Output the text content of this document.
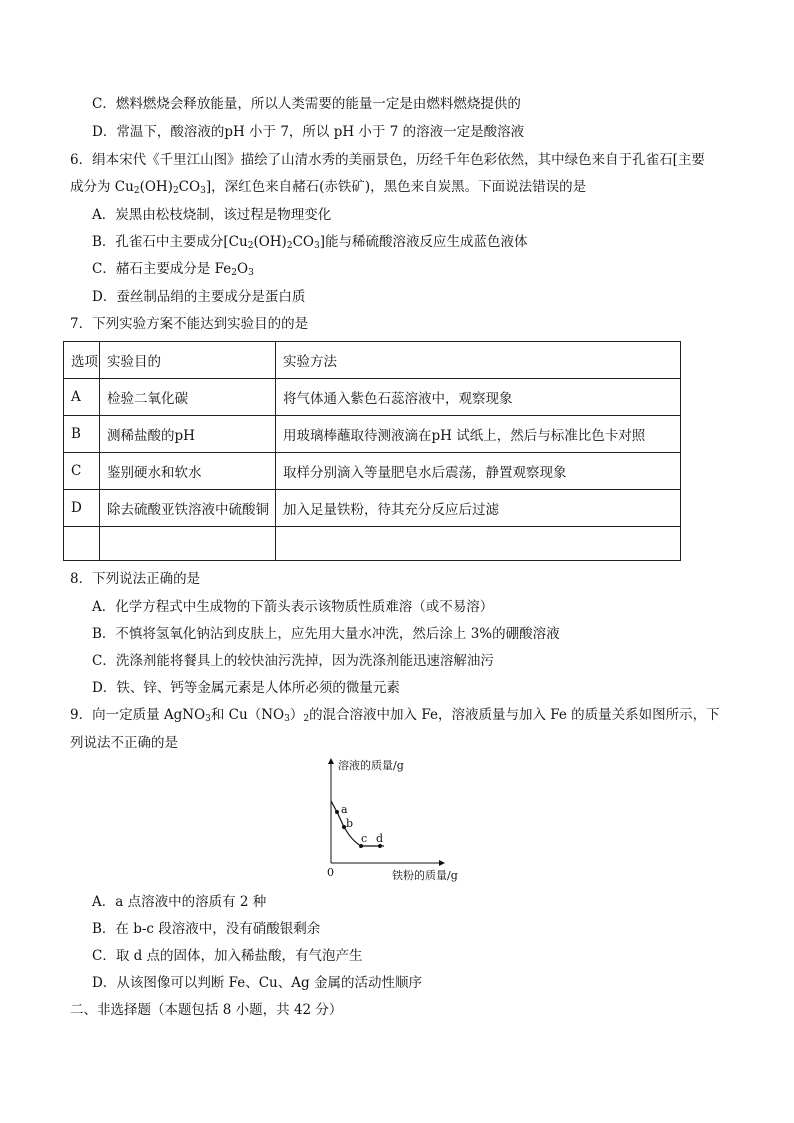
C．燃料燃烧会释放能量，所以人类需要的能量一定是由燃料燃烧提供的
D．常温下，酸溶液的pH 小于 7，所以 pH 小于 7 的溶液一定是酸溶液
6．绢本宋代《千里江山图》描绘了山清水秀的美丽景色，历经千年色彩依然，其中绿色来自于孔雀石[主要
成分为 $Cu_2(OH)_2CO_3$]，深红色来自赭石(赤铁矿)，黑色来自炭黑。下面说法错误的是
A．炭黑由松枝烧制，该过程是物理变化
B．孔雀石中主要成分$[Cu_2(OH)_2CO_3]$能与稀硫酸溶液反应生成蓝色液体
C．赭石主要成分是 $Fe_2O_3$
D．蚕丝制品绢的主要成分是蛋白质
7．下列实验方案不能达到实验目的的是
选项	实验目的	实验方法
A	检验二氧化碳	将气体通入紫色石蕊溶液中，观察现象
B	测稀盐酸的pH	用玻璃棒蘸取待测液滴在pH 试纸上，然后与标准比色卡对照
C	鉴别硬水和软水	取样分别滴入等量肥皂水后震荡，静置观察现象
D	除去硫酸亚铁溶液中硫酸铜	加入足量铁粉，待其充分反应后过滤

8．下列说法正确的是
A．化学方程式中生成物的下箭头表示该物质性质难溶（或不易溶）
B．不慎将氢氧化钠沾到皮肤上，应先用大量水冲洗，然后涂上 3%的硼酸溶液
C．洗涤剂能将餐具上的较快油污洗掉，因为洗涤剂能迅速溶解油污
D．铁、锌、钙等金属元素是人体所必须的微量元素
9．向一定质量 AgNO$_3$和 $Cu(NO_3)_2$的混合溶液中加入 Fe，溶液质量与加入 Fe 的质量关系如图所示，下
列说法不正确的是
溶液的质量/g
铁粉的质量/g
0
a
b
c d
A．a 点溶液中的溶质有 2 种
B．在 b-c 段溶液中，没有硝酸银剩余
C．取 d 点的固体，加入稀盐酸，有气泡产生
D．从该图像可以判断 Fe、Cu、Ag 金属的活动性顺序
二、非选择题（本题包括 8 小题，共 42 分）
